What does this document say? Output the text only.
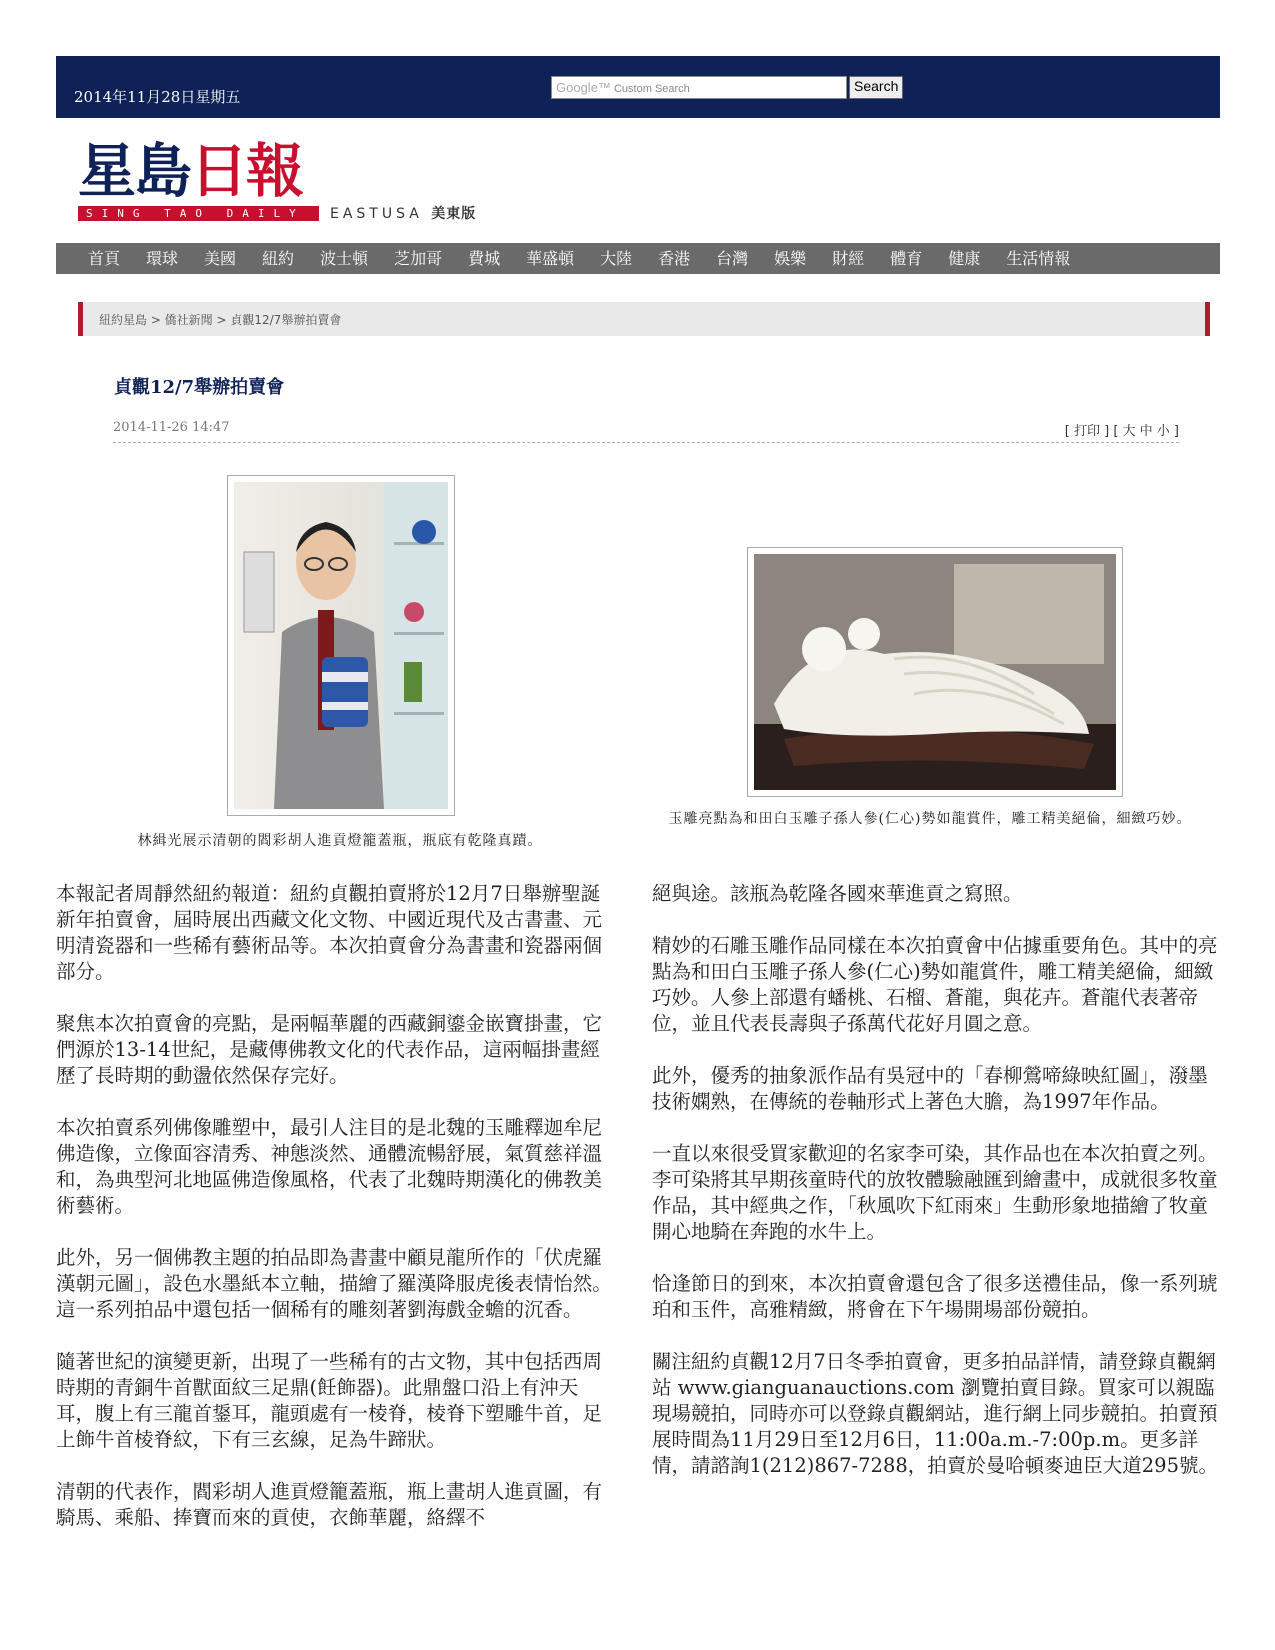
2014年11月28日星期五
Google™ Custom Search	Search
星島日報
SING TAO DAILY	EASTUSA 美東版
首頁 環球 美國 紐約 波士頓 芝加哥 費城 華盛頓 大陸 香港 台灣 娛樂 財經 體育 健康 生活情報
紐約星島 > 僑社新聞 > 貞觀12/7舉辦拍賣會
貞觀12/7舉辦拍賣會
2014-11-26 14:47	[ 打印 ] [ 大 中 小 ]
林緝光展示清朝的閻彩胡人進貢燈籠蓋瓶，瓶底有乾隆真蹟。
玉雕亮點為和田白玉雕子孫人參(仁心)勢如龍賞件，雕工精美絕倫，細緻巧妙。

本報記者周靜然紐約報道：紐約貞觀拍賣將於12月7日舉辦聖誕新年拍賣會，屆時展出西藏文化文物、中國近現代及古書畫、元明清瓷器和一些稀有藝術品等。本次拍賣會分為書畫和瓷器兩個部分。

聚焦本次拍賣會的亮點，是兩幅華麗的西藏銅鎏金嵌寶掛畫，它們源於13-14世紀，是藏傳佛教文化的代表作品，這兩幅掛畫經歷了長時期的動盪依然保存完好。

本次拍賣系列佛像雕塑中，最引人注目的是北魏的玉雕釋迦牟尼佛造像，立像面容清秀、神態淡然、通體流暢舒展，氣質慈祥溫和，為典型河北地區佛造像風格，代表了北魏時期漢化的佛教美術藝術。

此外，另一個佛教主題的拍品即為書畫中顧見龍所作的「伏虎羅漢朝元圖」，設色水墨紙本立軸，描繪了羅漢降服虎後表情怡然。這一系列拍品中還包括一個稀有的雕刻著劉海戲金蟾的沉香。

隨著世紀的演變更新，出現了一些稀有的古文物，其中包括西周時期的青銅牛首獸面紋三足鼎(飪飾器)。此鼎盤口沿上有沖天耳，腹上有三龍首鋬耳，龍頭處有一棱脊，棱脊下塑雕牛首，足上飾牛首棱脊紋，下有三玄線，足為牛蹄狀。

清朝的代表作，閻彩胡人進貢燈籠蓋瓶，瓶上畫胡人進貢圖，有騎馬、乘船、捧寶而來的貢使，衣飾華麗，絡繹不

絕與途。該瓶為乾隆各國來華進貢之寫照。

精妙的石雕玉雕作品同樣在本次拍賣會中佔據重要角色。其中的亮點為和田白玉雕子孫人參(仁心)勢如龍賞件，雕工精美絕倫，細緻巧妙。人參上部還有蟠桃、石榴、蒼龍，與花卉。蒼龍代表著帝位，並且代表長壽與子孫萬代花好月圓之意。

此外，優秀的抽象派作品有吳冠中的「春柳鶯啼綠映紅圖」，潑墨技術嫻熟，在傳統的卷軸形式上著色大膽，為1997年作品。

一直以來很受買家歡迎的名家李可染，其作品也在本次拍賣之列。李可染將其早期孩童時代的放牧體驗融匯到繪畫中，成就很多牧童作品，其中經典之作，「秋風吹下紅雨來」生動形象地描繪了牧童開心地騎在奔跑的水牛上。

恰逢節日的到來，本次拍賣會還包含了很多送禮佳品，像一系列琥珀和玉件，高雅精緻，將會在下午場開場部份競拍。

關注紐約貞觀12月7日冬季拍賣會，更多拍品詳情，請登錄貞觀網站 www.gianguanauctions.com 瀏覽拍賣目錄。買家可以親臨現場競拍，同時亦可以登錄貞觀網站，進行網上同步競拍。拍賣預展時間為11月29日至12月6日，11:00a.m.-7:00p.m。更多詳情，請諮詢1(212)867-7288，拍賣於曼哈頓麥迪臣大道295號。
